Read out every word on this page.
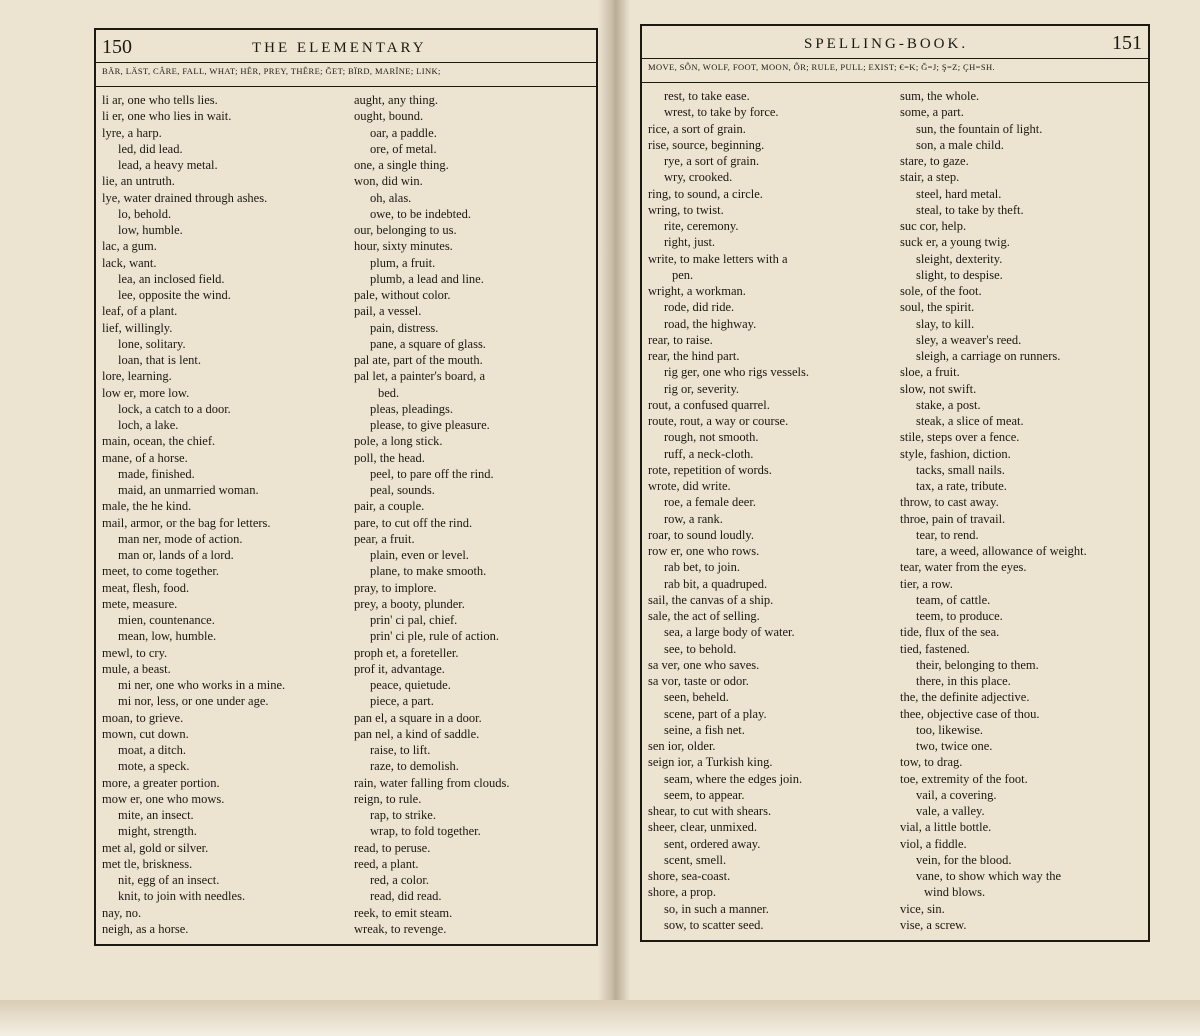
150	THE ELEMENTARY
BÄR, LÄST, CÂRE, FALL, WHAT; HÊR, PREY, THÊRE; ĞET; BÏRD, MARÏNE; LINK;
li ar, one who tells lies.
li er, one who lies in wait.
lyre, a harp.
led, did lead.
lead, a heavy metal.
lie, an untruth.
lye, water drained through ashes.
lo, behold.
low, humble.
lac, a gum.
lack, want.
lea, an inclosed field.
lee, opposite the wind.
leaf, of a plant.
lief, willingly.
lone, solitary.
loan, that is lent.
lore, learning.
low er, more low.
lock, a catch to a door.
loch, a lake.
main, ocean, the chief.
mane, of a horse.
made, finished.
maid, an unmarried woman.
male, the he kind.
mail, armor, or the bag for letters.
man ner, mode of action.
man or, lands of a lord.
meet, to come together.
meat, flesh, food.
mete, measure.
mien, countenance.
mean, low, humble.
mewl, to cry.
mule, a beast.
mi ner, one who works in a mine.
mi nor, less, or one under age.
moan, to grieve.
mown, cut down.
moat, a ditch.
mote, a speck.
more, a greater portion.
mow er, one who mows.
mite, an insect.
might, strength.
met al, gold or silver.
met tle, briskness.
nit, egg of an insect.
knit, to join with needles.
nay, no.
neigh, as a horse.
aught, any thing.
ought, bound.
oar, a paddle.
ore, of metal.
one, a single thing.
won, did win.
oh, alas.
owe, to be indebted.
our, belonging to us.
hour, sixty minutes.
plum, a fruit.
plumb, a lead and line.
pale, without color.
pail, a vessel.
pain, distress.
pane, a square of glass.
pal ate, part of the mouth.
pal let, a painter's board, a
bed.
pleas, pleadings.
please, to give pleasure.
pole, a long stick.
poll, the head.
peel, to pare off the rind.
peal, sounds.
pair, a couple.
pare, to cut off the rind.
pear, a fruit.
plain, even or level.
plane, to make smooth.
pray, to implore.
prey, a booty, plunder.
prin' ci pal, chief.
prin' ci ple, rule of action.
proph et, a foreteller.
prof it, advantage.
peace, quietude.
piece, a part.
pan el, a square in a door.
pan nel, a kind of saddle.
raise, to lift.
raze, to demolish.
rain, water falling from clouds.
reign, to rule.
rap, to strike.
wrap, to fold together.
read, to peruse.
reed, a plant.
red, a color.
read, did read.
reek, to emit steam.
wreak, to revenge.
SPELLING-BOOK.	151
MOVE, SÔN, WOLF, FOOT, MOON, ÔR; RULE, PULL; EXIST; €=K; Ğ=J; Ş=Z; ÇH=SH.
rest, to take ease.
wrest, to take by force.
rice, a sort of grain.
rise, source, beginning.
rye, a sort of grain.
wry, crooked.
ring, to sound, a circle.
wring, to twist.
rite, ceremony.
right, just.
write, to make letters with a
pen.
wright, a workman.
rode, did ride.
road, the highway.
rear, to raise.
rear, the hind part.
rig ger, one who rigs vessels.
rig or, severity.
rout, a confused quarrel.
route, rout, a way or course.
rough, not smooth.
ruff, a neck-cloth.
rote, repetition of words.
wrote, did write.
roe, a female deer.
row, a rank.
roar, to sound loudly.
row er, one who rows.
rab bet, to join.
rab bit, a quadruped.
sail, the canvas of a ship.
sale, the act of selling.
sea, a large body of water.
see, to behold.
sa ver, one who saves.
sa vor, taste or odor.
seen, beheld.
scene, part of a play.
seine, a fish net.
sen ior, older.
seign ior, a Turkish king.
seam, where the edges join.
seem, to appear.
shear, to cut with shears.
sheer, clear, unmixed.
sent, ordered away.
scent, smell.
shore, sea-coast.
shore, a prop.
so, in such a manner.
sow, to scatter seed.
sum, the whole.
some, a part.
sun, the fountain of light.
son, a male child.
stare, to gaze.
stair, a step.
steel, hard metal.
steal, to take by theft.
suc cor, help.
suck er, a young twig.
sleight, dexterity.
slight, to despise.
sole, of the foot.
soul, the spirit.
slay, to kill.
sley, a weaver's reed.
sleigh, a carriage on runners.
sloe, a fruit.
slow, not swift.
stake, a post.
steak, a slice of meat.
stile, steps over a fence.
style, fashion, diction.
tacks, small nails.
tax, a rate, tribute.
throw, to cast away.
throe, pain of travail.
tear, to rend.
tare, a weed, allowance of weight.
tear, water from the eyes.
tier, a row.
team, of cattle.
teem, to produce.
tide, flux of the sea.
tied, fastened.
their, belonging to them.
there, in this place.
the, the definite adjective.
thee, objective case of thou.
too, likewise.
two, twice one.
tow, to drag.
toe, extremity of the foot.
vail, a covering.
vale, a valley.
vial, a little bottle.
viol, a fiddle.
vein, for the blood.
vane, to show which way the
wind blows.
vice, sin.
vise, a screw.
